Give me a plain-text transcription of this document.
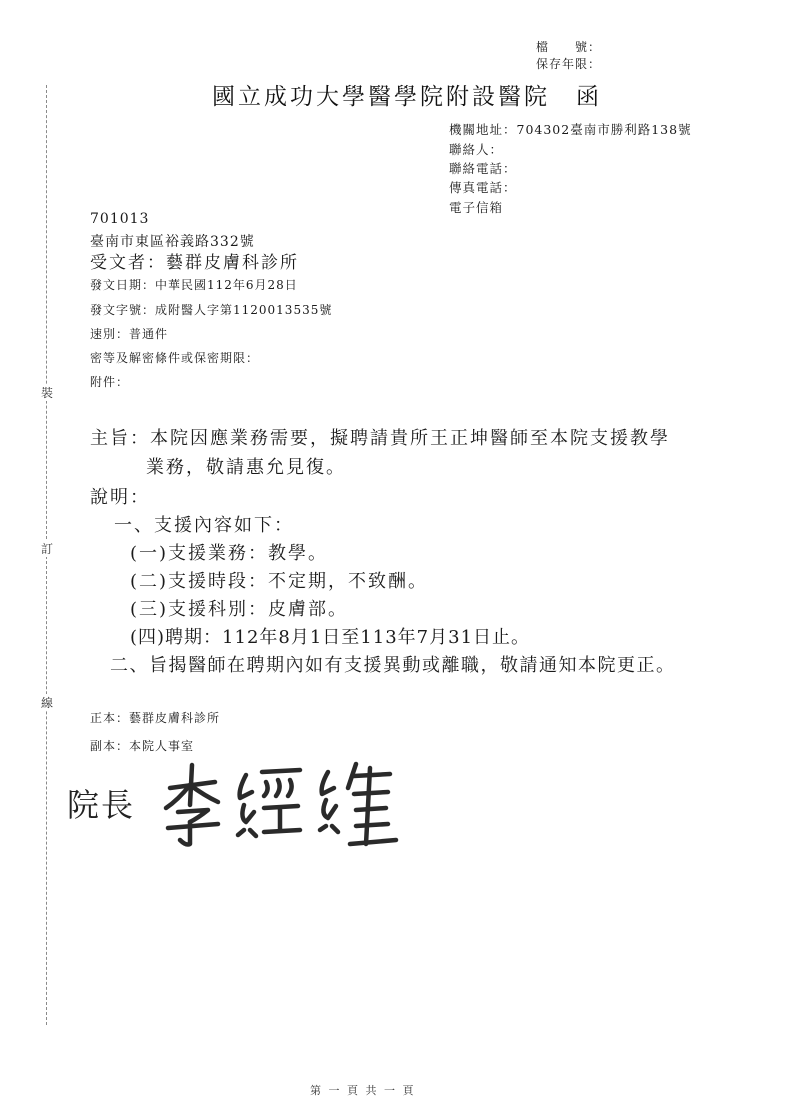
裝
訂
線
檔　　號：
保存年限：
國立成功大學醫學院附設醫院　函
機關地址：704302臺南市勝利路138號
聯絡人：
聯絡電話：
傳真電話：
電子信箱
701013
臺南市東區裕義路332號
受文者：藝群皮膚科診所
發文日期：中華民國112年6月28日
發文字號：成附醫人字第1120013535號
速別：普通件
密等及解密條件或保密期限：
附件：
主旨：本院因應業務需要，擬聘請貴所王正坤醫師至本院支援教學
業務，敬請惠允見復。
說明：
一、支援內容如下：
(一)支援業務：教學。
(二)支援時段：不定期，不致酬。
(三)支援科別：皮膚部。
(四)聘期：112年8月1日至113年7月31日止。
二、旨揭醫師在聘期內如有支援異動或離職，敬請通知本院更正。
正本：藝群皮膚科診所
副本：本院人事室
院長
第 一 頁 共 一 頁
